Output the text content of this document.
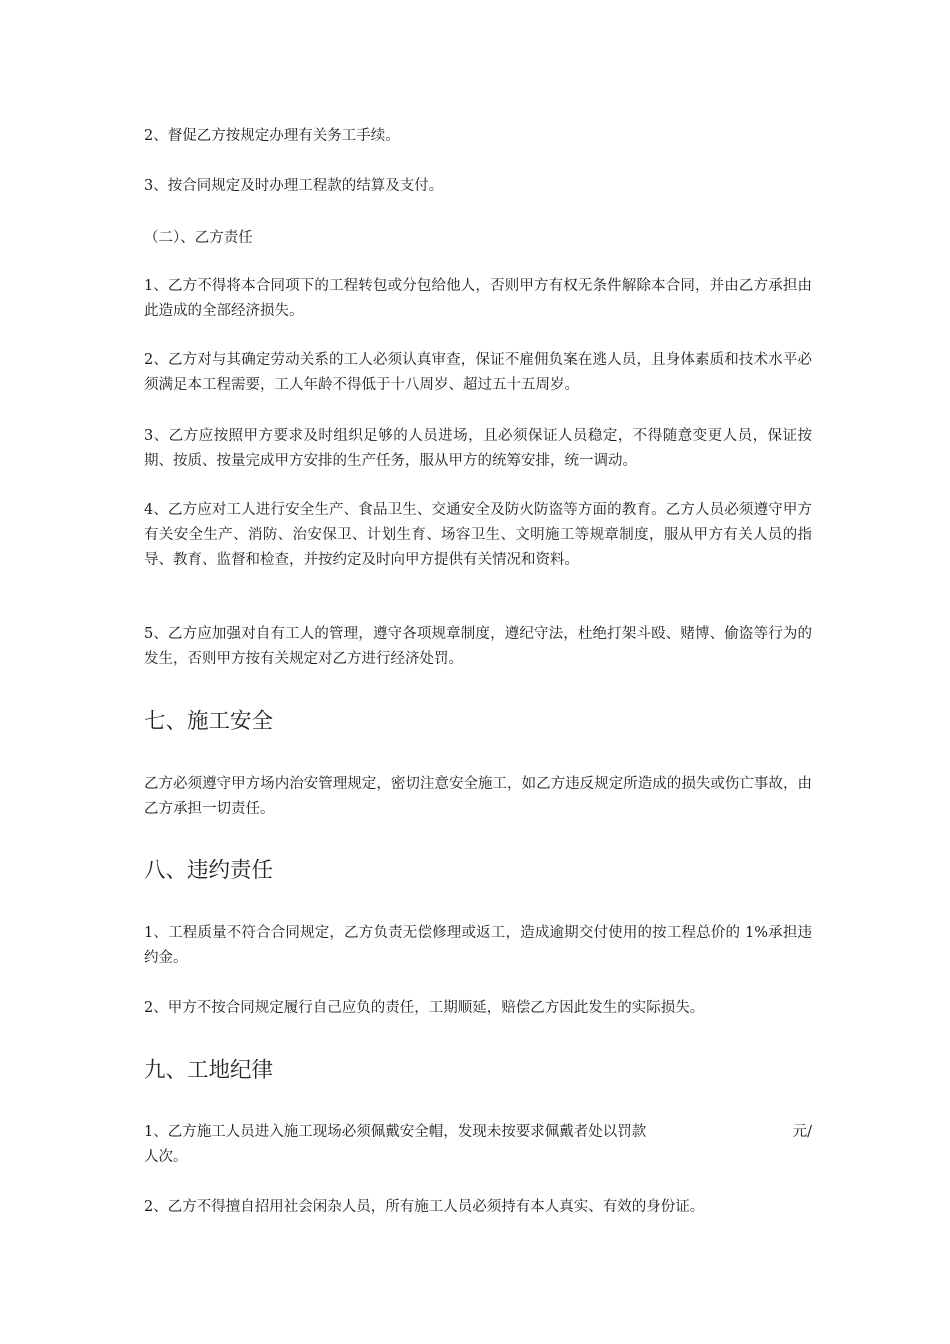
2、督促乙方按规定办理有关务工手续。

3、按合同规定及时办理工程款的结算及支付。

（二）、乙方责任

1、乙方不得将本合同项下的工程转包或分包给他人，否则甲方有权无条件解除本合同，并由乙方承担由此造成的全部经济损失。

2、乙方对与其确定劳动关系的工人必须认真审查，保证不雇佣负案在逃人员，且身体素质和技术水平必须满足本工程需要，工人年龄不得低于十八周岁、超过五十五周岁。

3、乙方应按照甲方要求及时组织足够的人员进场，且必须保证人员稳定，不得随意变更人员，保证按期、按质、按量完成甲方安排的生产任务，服从甲方的统筹安排，统一调动。

4、乙方应对工人进行安全生产、食品卫生、交通安全及防火防盗等方面的教育。乙方人员必须遵守甲方有关安全生产、消防、治安保卫、计划生育、场容卫生、文明施工等规章制度，服从甲方有关人员的指导、教育、监督和检查，并按约定及时向甲方提供有关情况和资料。

5、乙方应加强对自有工人的管理，遵守各项规章制度，遵纪守法，杜绝打架斗殴、赌博、偷盗等行为的发生，否则甲方按有关规定对乙方进行经济处罚。

七、施工安全

乙方必须遵守甲方场内治安管理规定，密切注意安全施工，如乙方违反规定所造成的损失或伤亡事故，由乙方承担一切责任。

八、违约责任

1、工程质量不符合合同规定，乙方负责无偿修理或返工，造成逾期交付使用的按工程总价的 1%承担违约金。

2、甲方不按合同规定履行自己应负的责任，工期顺延，赔偿乙方因此发生的实际损失。

九、工地纪律
1、乙方施工人员进入施工现场必须佩戴安全帽，发现未按要求佩戴者处以罚款	元/
人次。

2、乙方不得擅自招用社会闲杂人员，所有施工人员必须持有本人真实、有效的身份证。
